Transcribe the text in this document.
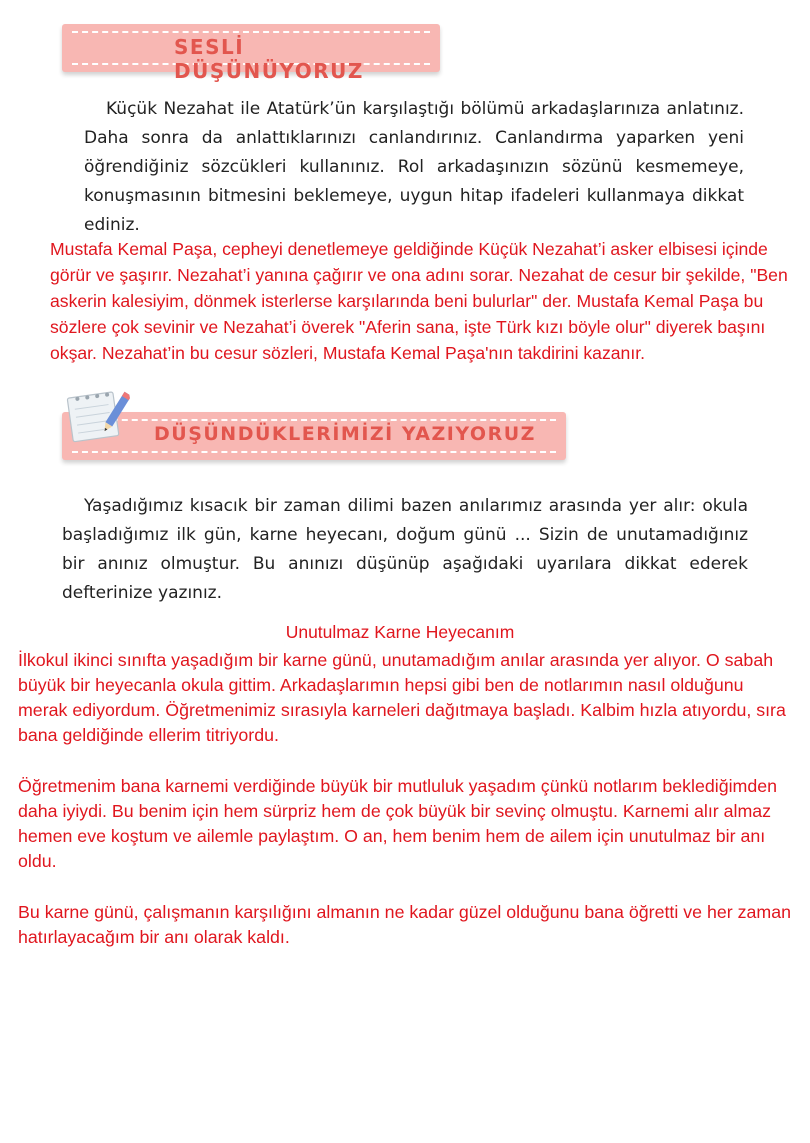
SESLİ DÜŞÜNÜYORUZ
Küçük Nezahat ile Atatürk’ün karşılaştığı bölümü arkadaşlarınıza anlatınız. Daha sonra da anlattıklarınızı canlandırınız. Canlandırma yaparken yeni öğrendiğiniz sözcükleri kullanınız. Rol arkadaşınızın sözünü kesmemeye, konuşmasının bitmesini beklemeye, uygun hitap ifadeleri kullanmaya dikkat ediniz.
Mustafa Kemal Paşa, cepheyi denetlemeye geldiğinde Küçük Nezahat’i asker elbisesi içinde görür ve şaşırır. Nezahat’i yanına çağırır ve ona adını sorar. Nezahat de cesur bir şekilde, "Ben askerin kalesiyim, dönmek isterlerse karşılarında beni bulurlar" der. Mustafa Kemal Paşa bu sözlere çok sevinir ve Nezahat’i överek "Aferin sana, işte Türk kızı böyle olur" diyerek başını okşar. Nezahat’in bu cesur sözleri, Mustafa Kemal Paşa'nın takdirini kazanır.
DÜŞÜNDÜKLERİMİZİ YAZIYORUZ
Yaşadığımız kısacık bir zaman dilimi bazen anılarımız arasında yer alır: okula başladığımız ilk gün, karne heyecanı, doğum günü ... Sizin de unutamadığınız bir anınız olmuştur. Bu anınızı düşünüp aşağıdaki uyarılara dikkat ederek defterinize yazınız.
Unutulmaz Karne Heyecanım

İlkokul ikinci sınıfta yaşadığım bir karne günü, unutamadığım anılar arasında yer alıyor. O sabah büyük bir heyecanla okula gittim. Arkadaşlarımın hepsi gibi ben de notlarımın nasıl olduğunu merak ediyordum. Öğretmenimiz sırasıyla karneleri dağıtmaya başladı. Kalbim hızla atıyordu, sıra bana geldiğinde ellerim titriyordu.

Öğretmenim bana karnemi verdiğinde büyük bir mutluluk yaşadım çünkü notlarım beklediğimden daha iyiydi. Bu benim için hem sürpriz hem de çok büyük bir sevinç olmuştu. Karnemi alır almaz hemen eve koştum ve ailemle paylaştım. O an, hem benim hem de ailem için unutulmaz bir anı oldu.

Bu karne günü, çalışmanın karşılığını almanın ne kadar güzel olduğunu bana öğretti ve her zaman hatırlayacağım bir anı olarak kaldı.
